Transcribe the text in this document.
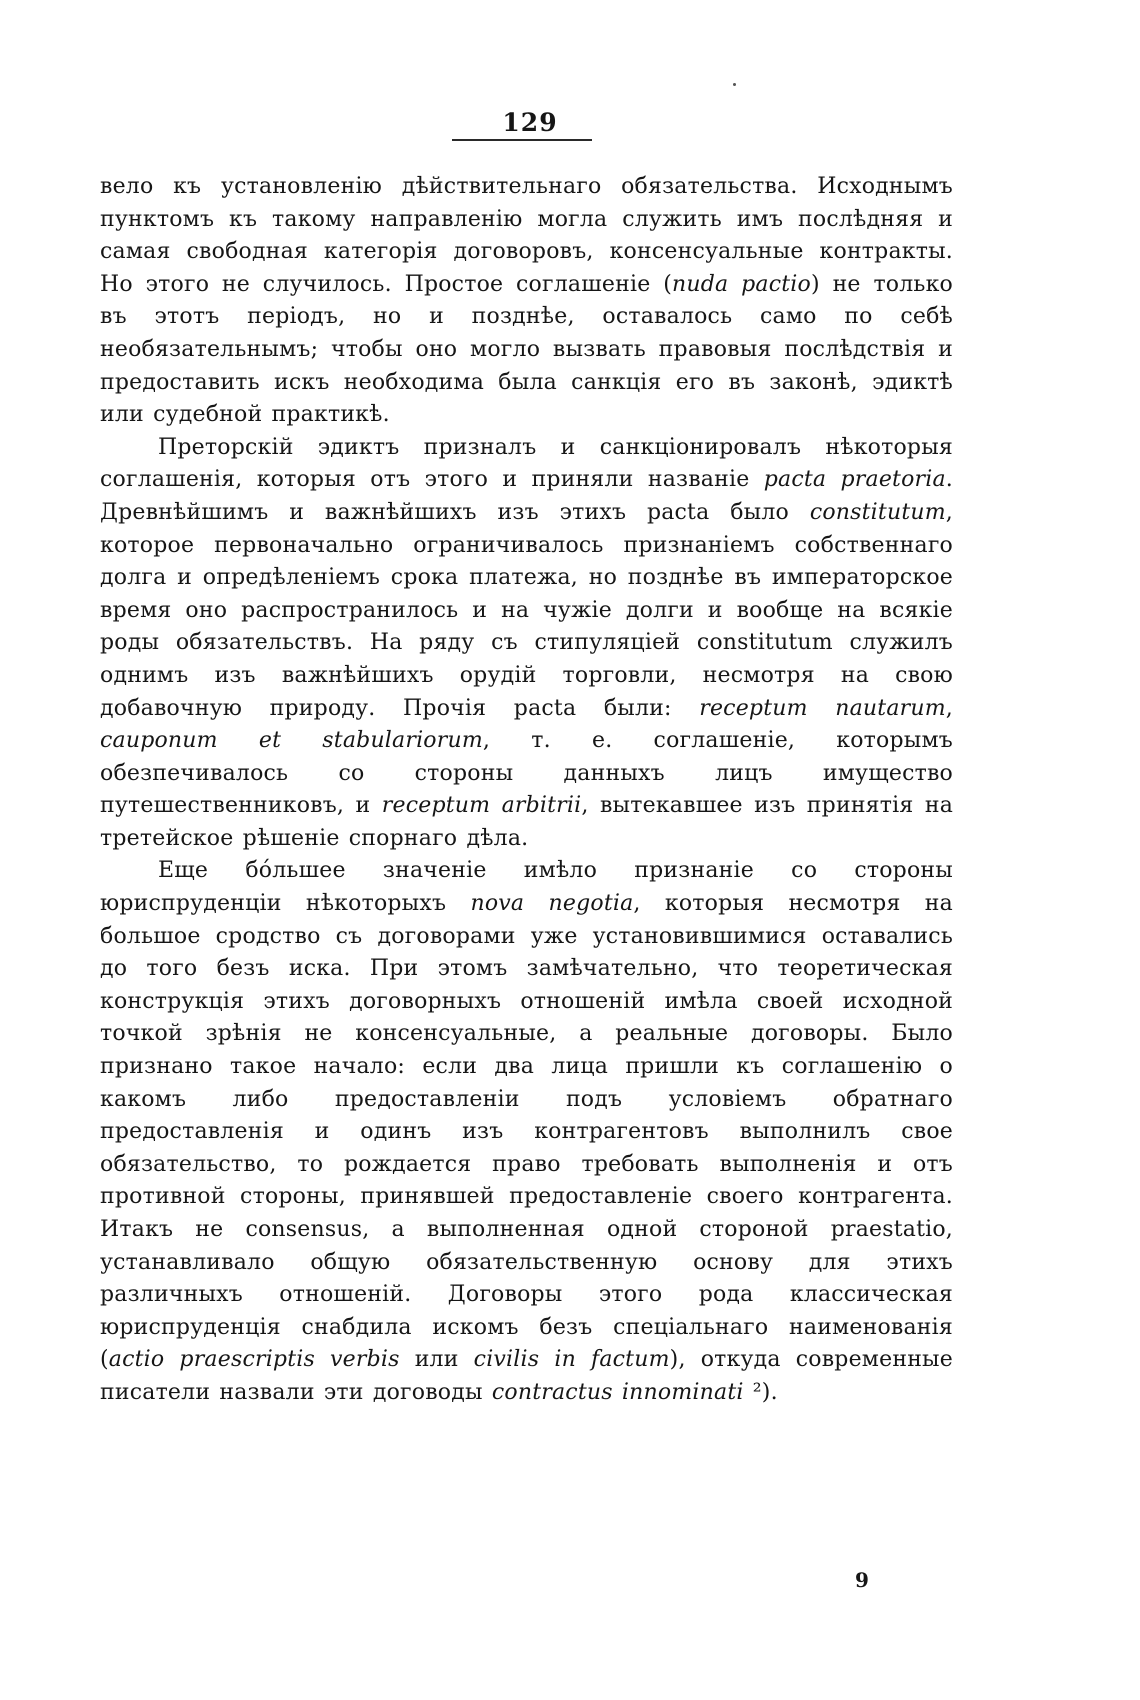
129

вело къ установленію дѣйствительнаго обязательства. Исходнымъ пунктомъ къ такому направленію могла служить имъ послѣдняя и самая свободная категорія договоровъ, консенсуальные контракты. Но этого не случилось. Простое соглашеніе (nuda pactio) не только въ этотъ періодъ, но и позднѣе, оставалось само по себѣ необязательнымъ; чтобы оно могло вызвать правовыя послѣдствія и предоставить искъ необходима была санкція его въ законѣ, эдиктѣ или судебной практикѣ.

Преторскій эдиктъ призналъ и санкціонировалъ нѣкоторыя соглашенія, которыя отъ этого и приняли названіе pacta praetoria. Древнѣйшимъ и важнѣйшихъ изъ этихъ pacta было constitutum, которое первоначально ограничивалось признаніемъ собственнаго долга и опредѣленіемъ срока платежа, но позднѣе въ императорское время оно распространилось и на чужіе долги и вообще на всякіе роды обязательствъ. На ряду съ стипуляціей constitutum служилъ однимъ изъ важнѣйшихъ орудій торговли, несмотря на свою добавочную природу. Прочія pacta были: receptum nautarum, cauponum et stabulariorum, т. е. соглашеніе, которымъ обезпечивалось со стороны данныхъ лицъ имущество путешественниковъ, и receptum arbitrii, вытекавшее изъ принятія на третейское рѣшеніе спорнаго дѣла.

Еще бо́льшее значеніе имѣло признаніе со стороны юриспруденціи нѣкоторыхъ nova negotia, которыя несмотря на большое сродство съ договорами уже установившимися оставались до того безъ иска. При этомъ замѣчательно, что теоретическая конструкція этихъ договорныхъ отношеній имѣла своей исходной точкой зрѣнія не консенсуальные, а реальные договоры. Было признано такое начало: если два лица пришли къ соглашенію о какомъ либо предоставленіи подъ условіемъ обратнаго предоставленія и одинъ изъ контрагентовъ выполнилъ свое обязательство, то рождается право требовать выполненія и отъ противной стороны, принявшей предоставленіе своего контрагента. Итакъ не consensus, а выполненная одной стороной praestatio, устанавливало общую обязательственную основу для этихъ различныхъ отношеній. Договоры этого рода классическая юриспруденція снабдила искомъ безъ спеціальнаго наименованія (actio praescriptis verbis или civilis in factum), откуда современные писатели назвали эти договоды contractus innominati ²).

9
